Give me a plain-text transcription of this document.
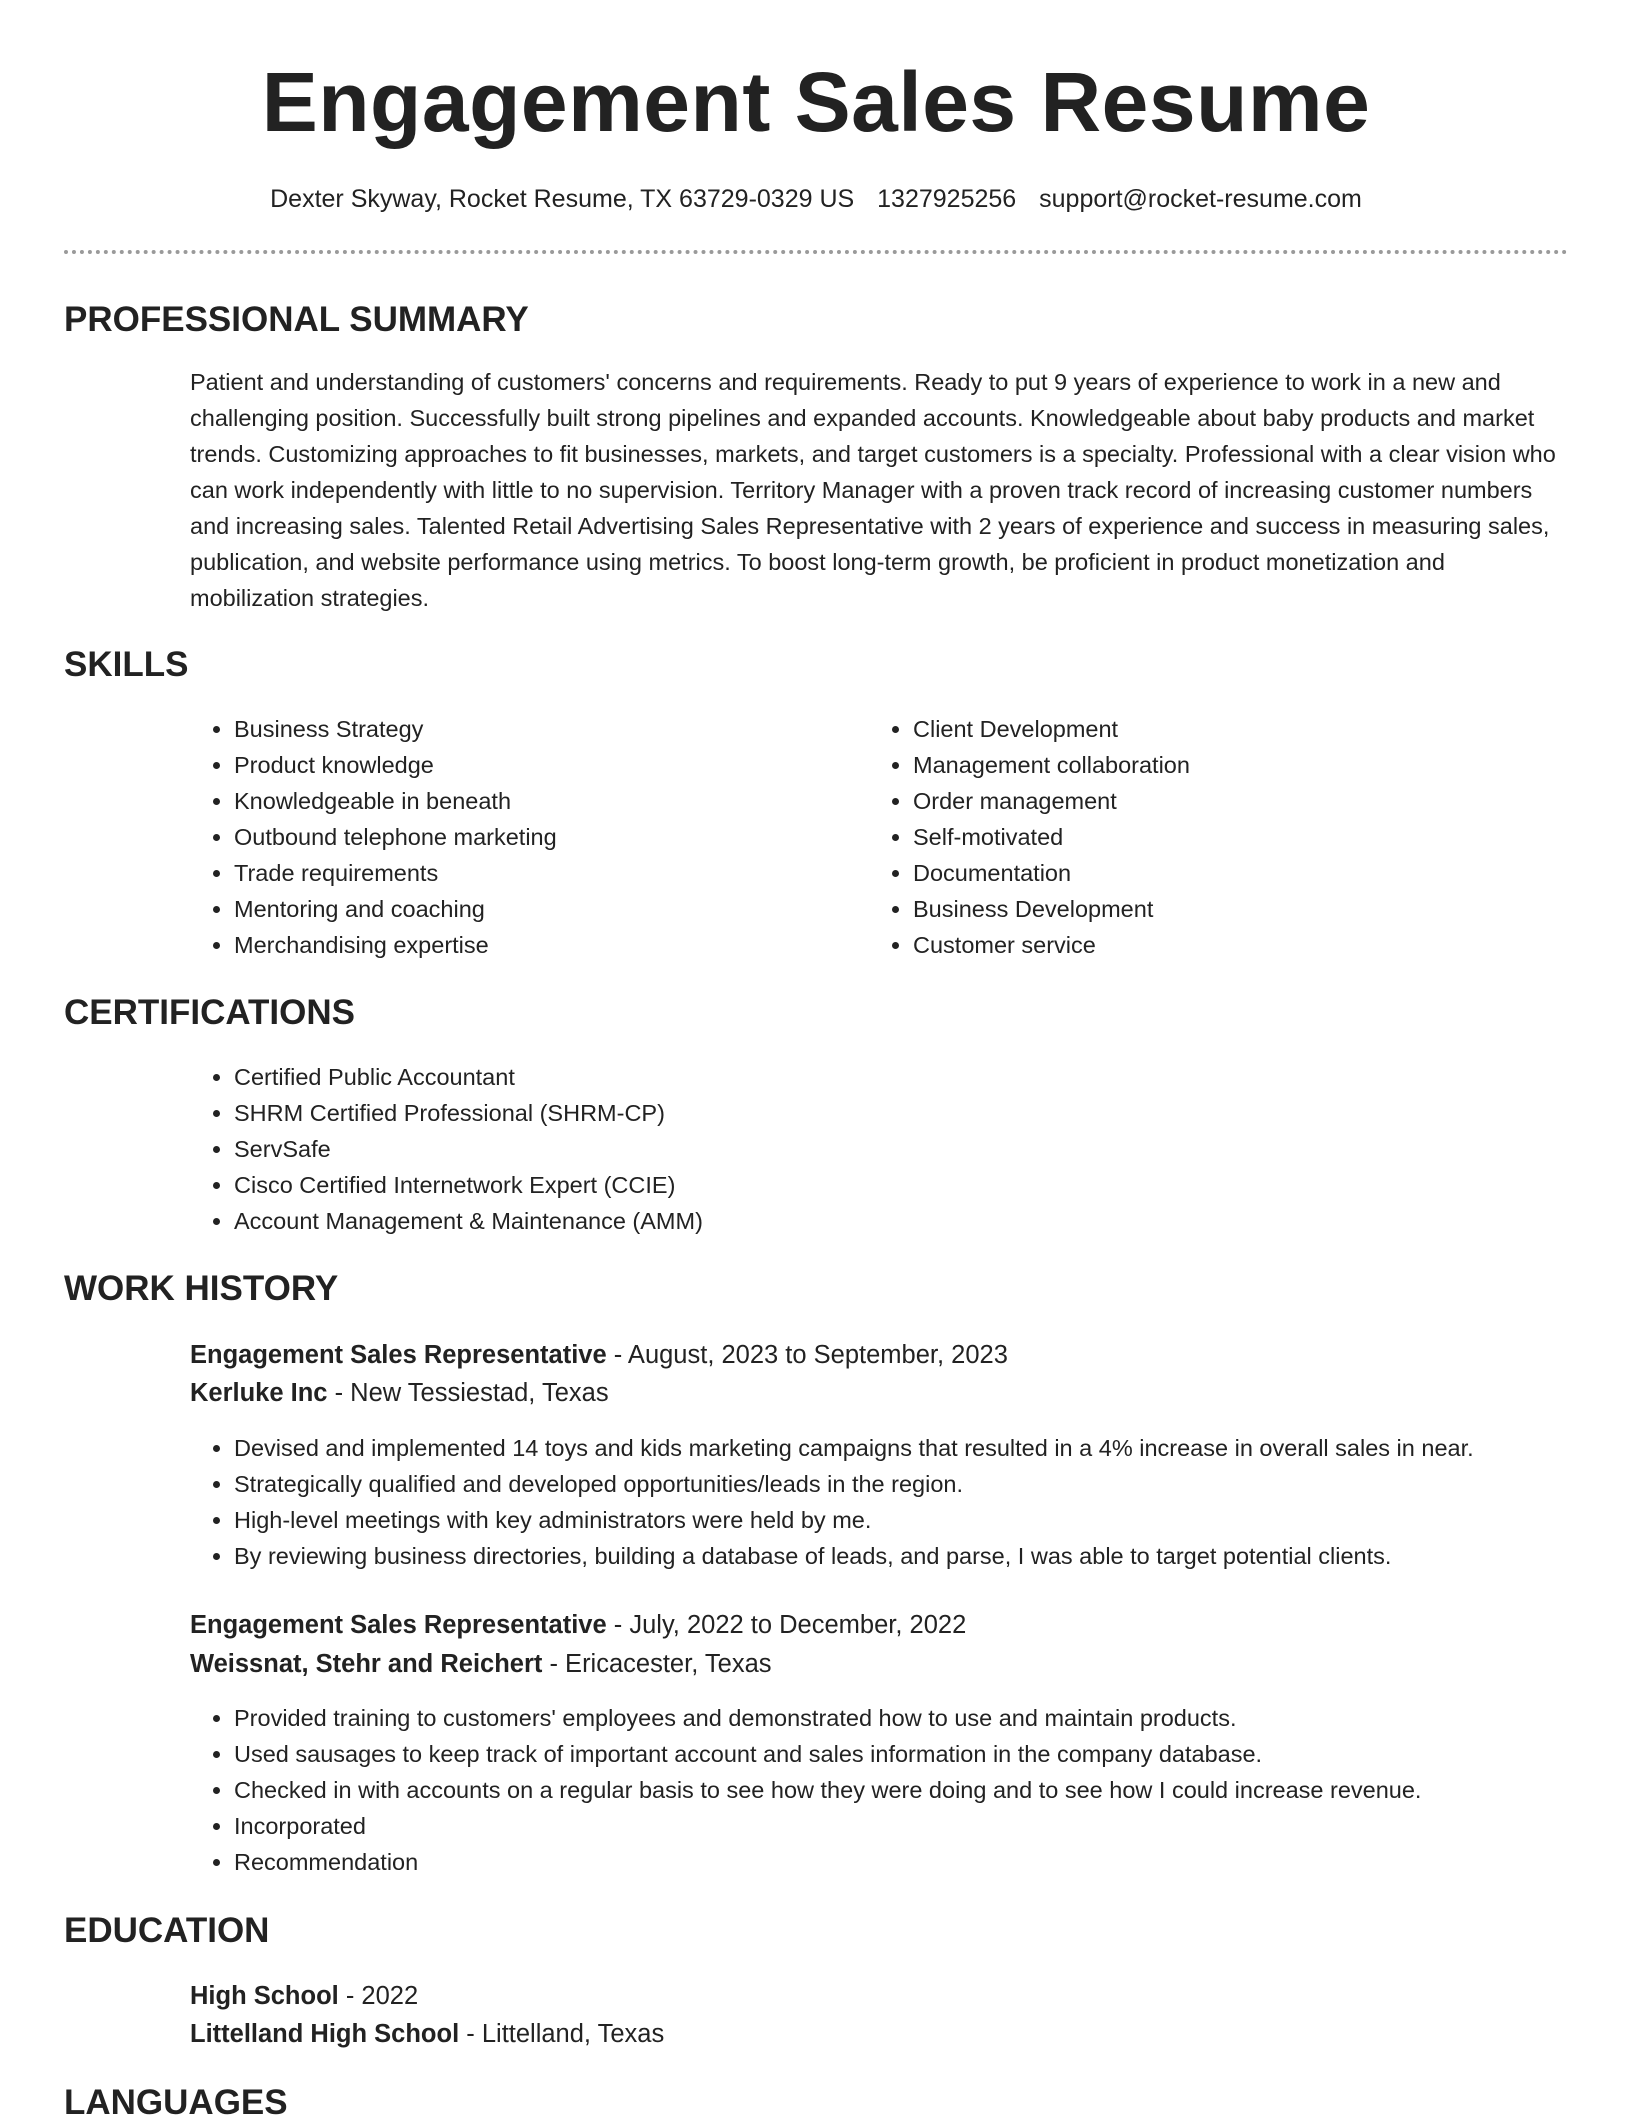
Engagement Sales Resume
Dexter Skyway, Rocket Resume, TX 63729-0329 US 1327925256 support@rocket-resume.com
PROFESSIONAL SUMMARY
Patient and understanding of customers' concerns and requirements. Ready to put 9 years of experience to work in a new and challenging position. Successfully built strong pipelines and expanded accounts. Knowledgeable about baby products and market trends. Customizing approaches to fit businesses, markets, and target customers is a specialty. Professional with a clear vision who can work independently with little to no supervision. Territory Manager with a proven track record of increasing customer numbers and increasing sales. Talented Retail Advertising Sales Representative with 2 years of experience and success in measuring sales, publication, and website performance using metrics. To boost long-term growth, be proficient in product monetization and mobilization strategies.
SKILLS
• Business Strategy
• Product knowledge
• Knowledgeable in beneath
• Outbound telephone marketing
• Trade requirements
• Mentoring and coaching
• Merchandising expertise
• Client Development
• Management collaboration
• Order management
• Self-motivated
• Documentation
• Business Development
• Customer service
CERTIFICATIONS
• Certified Public Accountant
• SHRM Certified Professional (SHRM-CP)
• ServSafe
• Cisco Certified Internetwork Expert (CCIE)
• Account Management & Maintenance (AMM)
WORK HISTORY
Engagement Sales Representative - August, 2023 to September, 2023
Kerluke Inc - New Tessiestad, Texas
• Devised and implemented 14 toys and kids marketing campaigns that resulted in a 4% increase in overall sales in near.
• Strategically qualified and developed opportunities/leads in the region.
• High-level meetings with key administrators were held by me.
• By reviewing business directories, building a database of leads, and parse, I was able to target potential clients.
Engagement Sales Representative - July, 2022 to December, 2022
Weissnat, Stehr and Reichert - Ericacester, Texas
• Provided training to customers' employees and demonstrated how to use and maintain products.
• Used sausages to keep track of important account and sales information in the company database.
• Checked in with accounts on a regular basis to see how they were doing and to see how I could increase revenue.
• Incorporated
• Recommendation
EDUCATION
High School - 2022
Littelland High School - Littelland, Texas
LANGUAGES
